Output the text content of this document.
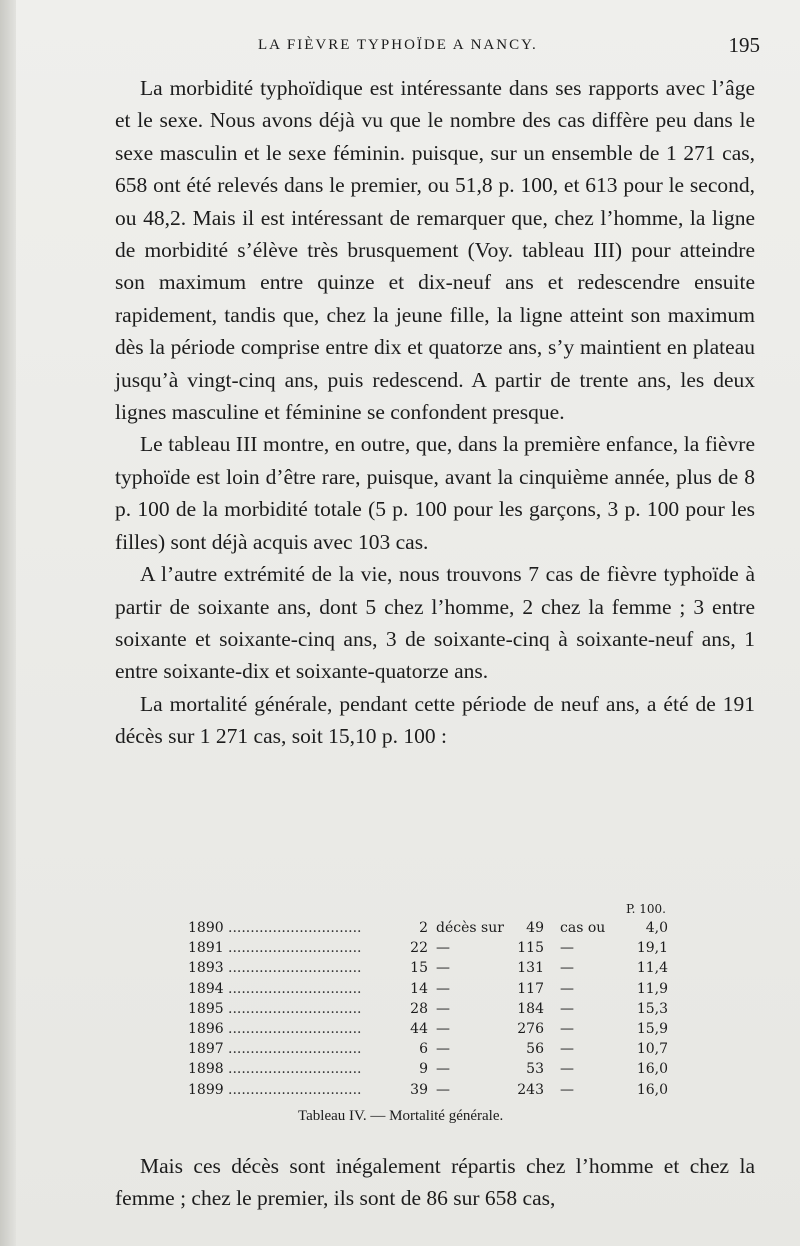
LA FIÈVRE TYPHOÏDE A NANCY.	195

La morbidité typhoïdique est intéressante dans ses rapports avec l’âge et le sexe. Nous avons déjà vu que le nombre des cas diffère peu dans le sexe masculin et le sexe féminin. puisque, sur un ensemble de 1 271 cas, 658 ont été relevés dans le premier, ou 51,8 p. 100, et 613 pour le second, ou 48,2. Mais il est intéressant de remarquer que, chez l’homme, la ligne de morbidité s’élève très brusquement (Voy. tableau III) pour atteindre son maximum entre quinze et dix-neuf ans et redescendre ensuite rapidement, tandis que, chez la jeune fille, la ligne atteint son maximum dès la période comprise entre dix et quatorze ans, s’y maintient en plateau jusqu’à vingt-cinq ans, puis redescend. A partir de trente ans, les deux lignes masculine et féminine se confondent presque.

Le tableau III montre, en outre, que, dans la première enfance, la fièvre typhoïde est loin d’être rare, puisque, avant la cinquième année, plus de 8 p. 100 de la morbidité totale (5 p. 100 pour les garçons, 3 p. 100 pour les filles) sont déjà acquis avec 103 cas.

A l’autre extrémité de la vie, nous trouvons 7 cas de fièvre typhoïde à partir de soixante ans, dont 5 chez l’homme, 2 chez la femme ; 3 entre soixante et soixante-cinq ans, 3 de soixante-cinq à soixante-neuf ans, 1 entre soixante-dix et soixante-quatorze ans.

La mortalité générale, pendant cette période de neuf ans, a été de 191 décès sur 1 271 cas, soit 15,10 p. 100 :

P. 100.
1890 ..............................	2 décès sur	49 cas ou	4,0
1891 ..............................	22 —	115 —	19,1
1893 ..............................	15 —	131 —	11,4
1894 ..............................	14 —	117 —	11,9
1895 ..............................	28 —	184 —	15,3
1896 ..............................	44 —	276 —	15,9
1897 ..............................	6 —	56 —	10,7
1898 ..............................	9 —	53 —	16,0
1899 ..............................	39 —	243 —	16,0
Tableau IV. — Mortalité générale.

Mais ces décès sont inégalement répartis chez l’homme et chez la femme ; chez le premier, ils sont de 86 sur 658 cas,
